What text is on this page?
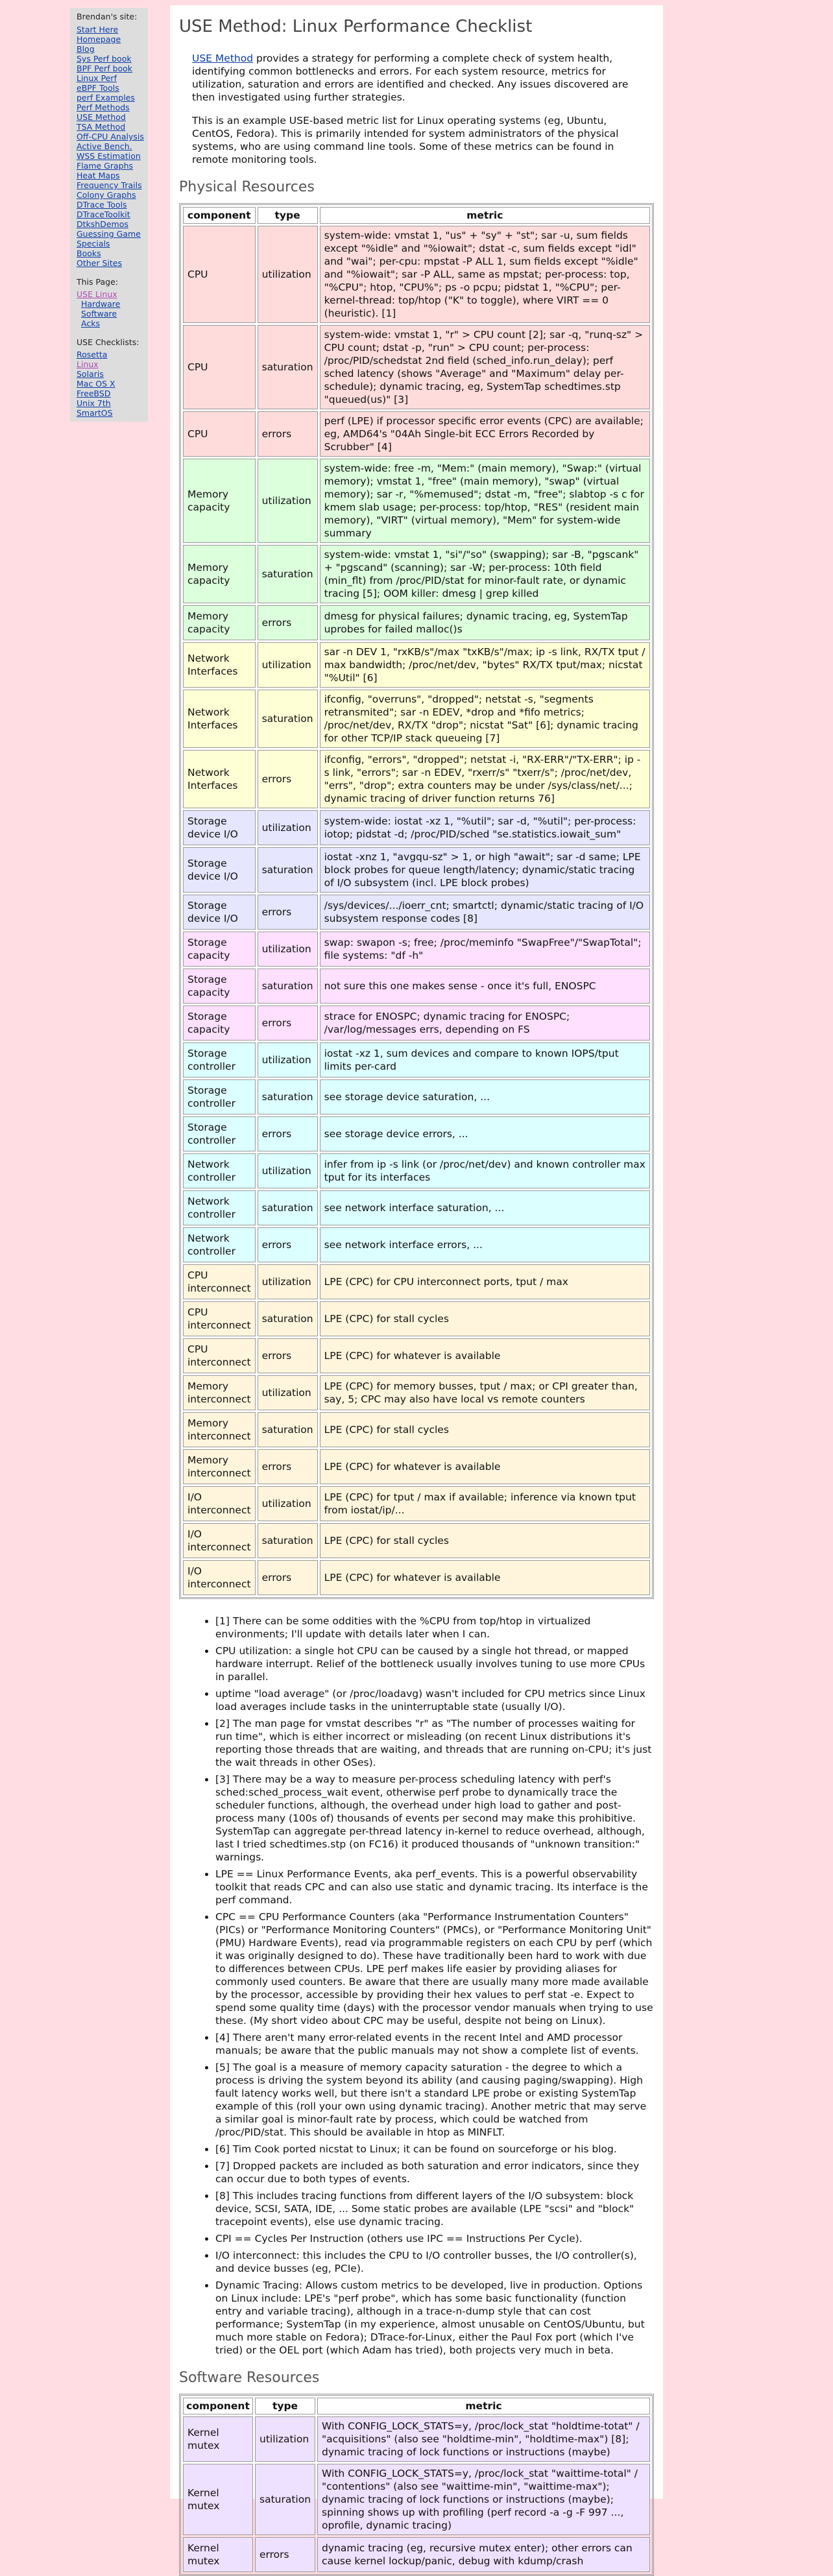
Brendan's site:
Start Here
Homepage
Blog
Sys Perf book
BPF Perf book
Linux Perf
eBPF Tools
perf Examples
Perf Methods
USE Method
TSA Method
Off-CPU Analysis
Active Bench.
WSS Estimation
Flame Graphs
Heat Maps
Frequency Trails
Colony Graphs
DTrace Tools
DTraceToolkit
DtkshDemos
Guessing Game
Specials
Books
Other Sites
This Page:
USE Linux
Hardware
Software
Acks
USE Checklists:
Rosetta
Linux
Solaris
Mac OS X
FreeBSD
Unix 7th
SmartOS
USE Method: Linux Performance Checklist

USE Method provides a strategy for performing a complete check of system health, identifying common bottlenecks and errors. For each system resource, metrics for utilization, saturation and errors are identified and checked. Any issues discovered are then investigated using further strategies.

This is an example USE-based metric list for Linux operating systems (eg, Ubuntu, CentOS, Fedora). This is primarily intended for system administrators of the physical systems, who are using command line tools. Some of these metrics can be found in remote monitoring tools.

Physical Resources
component	type	metric
CPU	utilization	system-wide: vmstat 1, "us" + "sy" + "st"; sar -u, sum fields except "%idle" and "%iowait"; dstat -c, sum fields except "idl" and "wai"; per-cpu: mpstat -P ALL 1, sum fields except "%idle" and "%iowait"; sar -P ALL, same as mpstat; per-process: top, "%CPU"; htop, "CPU%"; ps -o pcpu; pidstat 1, "%CPU"; per-kernel-thread: top/htop ("K" to toggle), where VIRT == 0 (heuristic). [1]
CPU	saturation	system-wide: vmstat 1, "r" > CPU count [2]; sar -q, "runq-sz" > CPU count; dstat -p, "run" > CPU count; per-process: /proc/PID/schedstat 2nd field (sched_info.run_delay); perf sched latency (shows "Average" and "Maximum" delay per-schedule); dynamic tracing, eg, SystemTap schedtimes.stp "queued(us)" [3]
CPU	errors	perf (LPE) if processor specific error events (CPC) are available; eg, AMD64's "04Ah Single-bit ECC Errors Recorded by Scrubber" [4]
Memory capacity	utilization	system-wide: free -m, "Mem:" (main memory), "Swap:" (virtual memory); vmstat 1, "free" (main memory), "swap" (virtual memory); sar -r, "%memused"; dstat -m, "free"; slabtop -s c for kmem slab usage; per-process: top/htop, "RES" (resident main memory), "VIRT" (virtual memory), "Mem" for system-wide summary
Memory capacity	saturation	system-wide: vmstat 1, "si"/"so" (swapping); sar -B, "pgscank" + "pgscand" (scanning); sar -W; per-process: 10th field (min_flt) from /proc/PID/stat for minor-fault rate, or dynamic tracing [5]; OOM killer: dmesg | grep killed
Memory capacity	errors	dmesg for physical failures; dynamic tracing, eg, SystemTap uprobes for failed malloc()s
Network Interfaces	utilization	sar -n DEV 1, "rxKB/s"/max "txKB/s"/max; ip -s link, RX/TX tput / max bandwidth; /proc/net/dev, "bytes" RX/TX tput/max; nicstat "%Util" [6]
Network Interfaces	saturation	ifconfig, "overruns", "dropped"; netstat -s, "segments retransmited"; sar -n EDEV, *drop and *fifo metrics; /proc/net/dev, RX/TX "drop"; nicstat "Sat" [6]; dynamic tracing for other TCP/IP stack queueing [7]
Network Interfaces	errors	ifconfig, "errors", "dropped"; netstat -i, "RX-ERR"/"TX-ERR"; ip -s link, "errors"; sar -n EDEV, "rxerr/s" "txerr/s"; /proc/net/dev, "errs", "drop"; extra counters may be under /sys/class/net/...; dynamic tracing of driver function returns 76]
Storage device I/O	utilization	system-wide: iostat -xz 1, "%util"; sar -d, "%util"; per-process: iotop; pidstat -d; /proc/PID/sched "se.statistics.iowait_sum"
Storage device I/O	saturation	iostat -xnz 1, "avgqu-sz" > 1, or high "await"; sar -d same; LPE block probes for queue length/latency; dynamic/static tracing of I/O subsystem (incl. LPE block probes)
Storage device I/O	errors	/sys/devices/.../ioerr_cnt; smartctl; dynamic/static tracing of I/O subsystem response codes [8]
Storage capacity	utilization	swap: swapon -s; free; /proc/meminfo "SwapFree"/"SwapTotal"; file systems: "df -h"
Storage capacity	saturation	not sure this one makes sense - once it's full, ENOSPC
Storage capacity	errors	strace for ENOSPC; dynamic tracing for ENOSPC; /var/log/messages errs, depending on FS
Storage controller	utilization	iostat -xz 1, sum devices and compare to known IOPS/tput limits per-card
Storage controller	saturation	see storage device saturation, ...
Storage controller	errors	see storage device errors, ...
Network controller	utilization	infer from ip -s link (or /proc/net/dev) and known controller max tput for its interfaces
Network controller	saturation	see network interface saturation, ...
Network controller	errors	see network interface errors, ...
CPU interconnect	utilization	LPE (CPC) for CPU interconnect ports, tput / max
CPU interconnect	saturation	LPE (CPC) for stall cycles
CPU interconnect	errors	LPE (CPC) for whatever is available
Memory interconnect	utilization	LPE (CPC) for memory busses, tput / max; or CPI greater than, say, 5; CPC may also have local vs remote counters
Memory interconnect	saturation	LPE (CPC) for stall cycles
Memory interconnect	errors	LPE (CPC) for whatever is available
I/O interconnect	utilization	LPE (CPC) for tput / max if available; inference via known tput from iostat/ip/...
I/O interconnect	saturation	LPE (CPC) for stall cycles
I/O interconnect	errors	LPE (CPC) for whatever is available
• [1] There can be some oddities with the %CPU from top/htop in virtualized environments; I'll update with details later when I can.
• CPU utilization: a single hot CPU can be caused by a single hot thread, or mapped hardware interrupt. Relief of the bottleneck usually involves tuning to use more CPUs in parallel.
• uptime "load average" (or /proc/loadavg) wasn't included for CPU metrics since Linux load averages include tasks in the uninterruptable state (usually I/O).
• [2] The man page for vmstat describes "r" as "The number of processes waiting for run time", which is either incorrect or misleading (on recent Linux distributions it's reporting those threads that are waiting, and threads that are running on-CPU; it's just the wait threads in other OSes).
• [3] There may be a way to measure per-process scheduling latency with perf's sched:sched_process_wait event, otherwise perf probe to dynamically trace the scheduler functions, although, the overhead under high load to gather and post-process many (100s of) thousands of events per second may make this prohibitive. SystemTap can aggregate per-thread latency in-kernel to reduce overhead, although, last I tried schedtimes.stp (on FC16) it produced thousands of "unknown transition:" warnings.
• LPE == Linux Performance Events, aka perf_events. This is a powerful observability toolkit that reads CPC and can also use static and dynamic tracing. Its interface is the perf command.
• CPC == CPU Performance Counters (aka "Performance Instrumentation Counters" (PICs) or "Performance Monitoring Counters" (PMCs), or "Performance Monitoring Unit" (PMU) Hardware Events), read via programmable registers on each CPU by perf (which it was originally designed to do). These have traditionally been hard to work with due to differences between CPUs. LPE perf makes life easier by providing aliases for commonly used counters. Be aware that there are usually many more made available by the processor, accessible by providing their hex values to perf stat -e. Expect to spend some quality time (days) with the processor vendor manuals when trying to use these. (My short video about CPC may be useful, despite not being on Linux).
• [4] There aren't many error-related events in the recent Intel and AMD processor manuals; be aware that the public manuals may not show a complete list of events.
• [5] The goal is a measure of memory capacity saturation - the degree to which a process is driving the system beyond its ability (and causing paging/swapping). High fault latency works well, but there isn't a standard LPE probe or existing SystemTap example of this (roll your own using dynamic tracing). Another metric that may serve a similar goal is minor-fault rate by process, which could be watched from /proc/PID/stat. This should be available in htop as MINFLT.
• [6] Tim Cook ported nicstat to Linux; it can be found on sourceforge or his blog.
• [7] Dropped packets are included as both saturation and error indicators, since they can occur due to both types of events.
• [8] This includes tracing functions from different layers of the I/O subsystem: block device, SCSI, SATA, IDE, ... Some static probes are available (LPE "scsi" and "block" tracepoint events), else use dynamic tracing.
• CPI == Cycles Per Instruction (others use IPC == Instructions Per Cycle).
• I/O interconnect: this includes the CPU to I/O controller busses, the I/O controller(s), and device busses (eg, PCIe).
• Dynamic Tracing: Allows custom metrics to be developed, live in production. Options on Linux include: LPE's "perf probe", which has some basic functionality (function entry and variable tracing), although in a trace-n-dump style that can cost performance; SystemTap (in my experience, almost unusable on CentOS/Ubuntu, but much more stable on Fedora); DTrace-for-Linux, either the Paul Fox port (which I've tried) or the OEL port (which Adam has tried), both projects very much in beta.
Software Resources
component	type	metric
Kernel mutex	utilization	With CONFIG_LOCK_STATS=y, /proc/lock_stat "holdtime-totat" / "acquisitions" (also see "holdtime-min", "holdtime-max") [8]; dynamic tracing of lock functions or instructions (maybe)
Kernel mutex	saturation	With CONFIG_LOCK_STATS=y, /proc/lock_stat "waittime-total" / "contentions" (also see "waittime-min", "waittime-max"); dynamic tracing of lock functions or instructions (maybe); spinning shows up with profiling (perf record -a -g -F 997 ..., oprofile, dynamic tracing)
Kernel mutex	errors	dynamic tracing (eg, recursive mutex enter); other errors can cause kernel lockup/panic, debug with kdump/crash
